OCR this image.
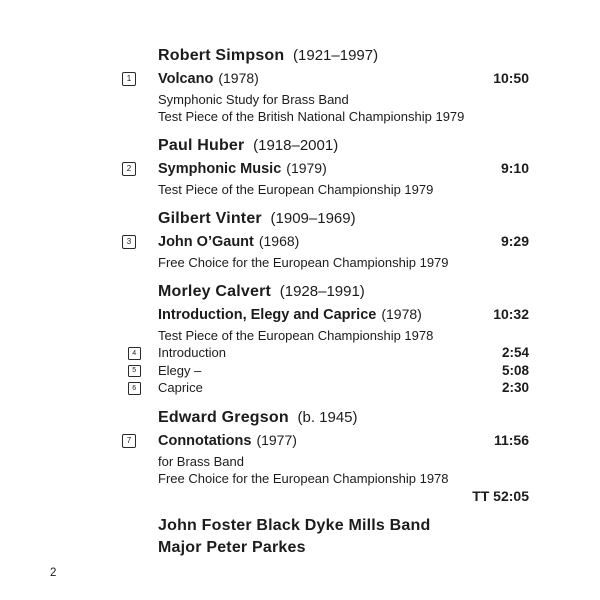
Robert Simpson (1921–1997)
1 Volcano (1978)	10:50
Symphonic Study for Brass Band
Test Piece of the British National Championship 1979
Paul Huber (1918–2001)
2 Symphonic Music (1979)	9:10
Test Piece of the European Championship 1979
Gilbert Vinter (1909–1969)
3 John O’Gaunt (1968)	9:29
Free Choice for the European Championship 1979
Morley Calvert (1928–1991)
Introduction, Elegy and Caprice (1978)	10:32
Test Piece of the European Championship 1978
4 Introduction	2:54
5 Elegy –	5:08
6 Caprice	2:30
Edward Gregson (b. 1945)
7 Connotations (1977)	11:56
for Brass Band
Free Choice for the European Championship 1978
TT 52:05
John Foster Black Dyke Mills Band
Major Peter Parkes
2
